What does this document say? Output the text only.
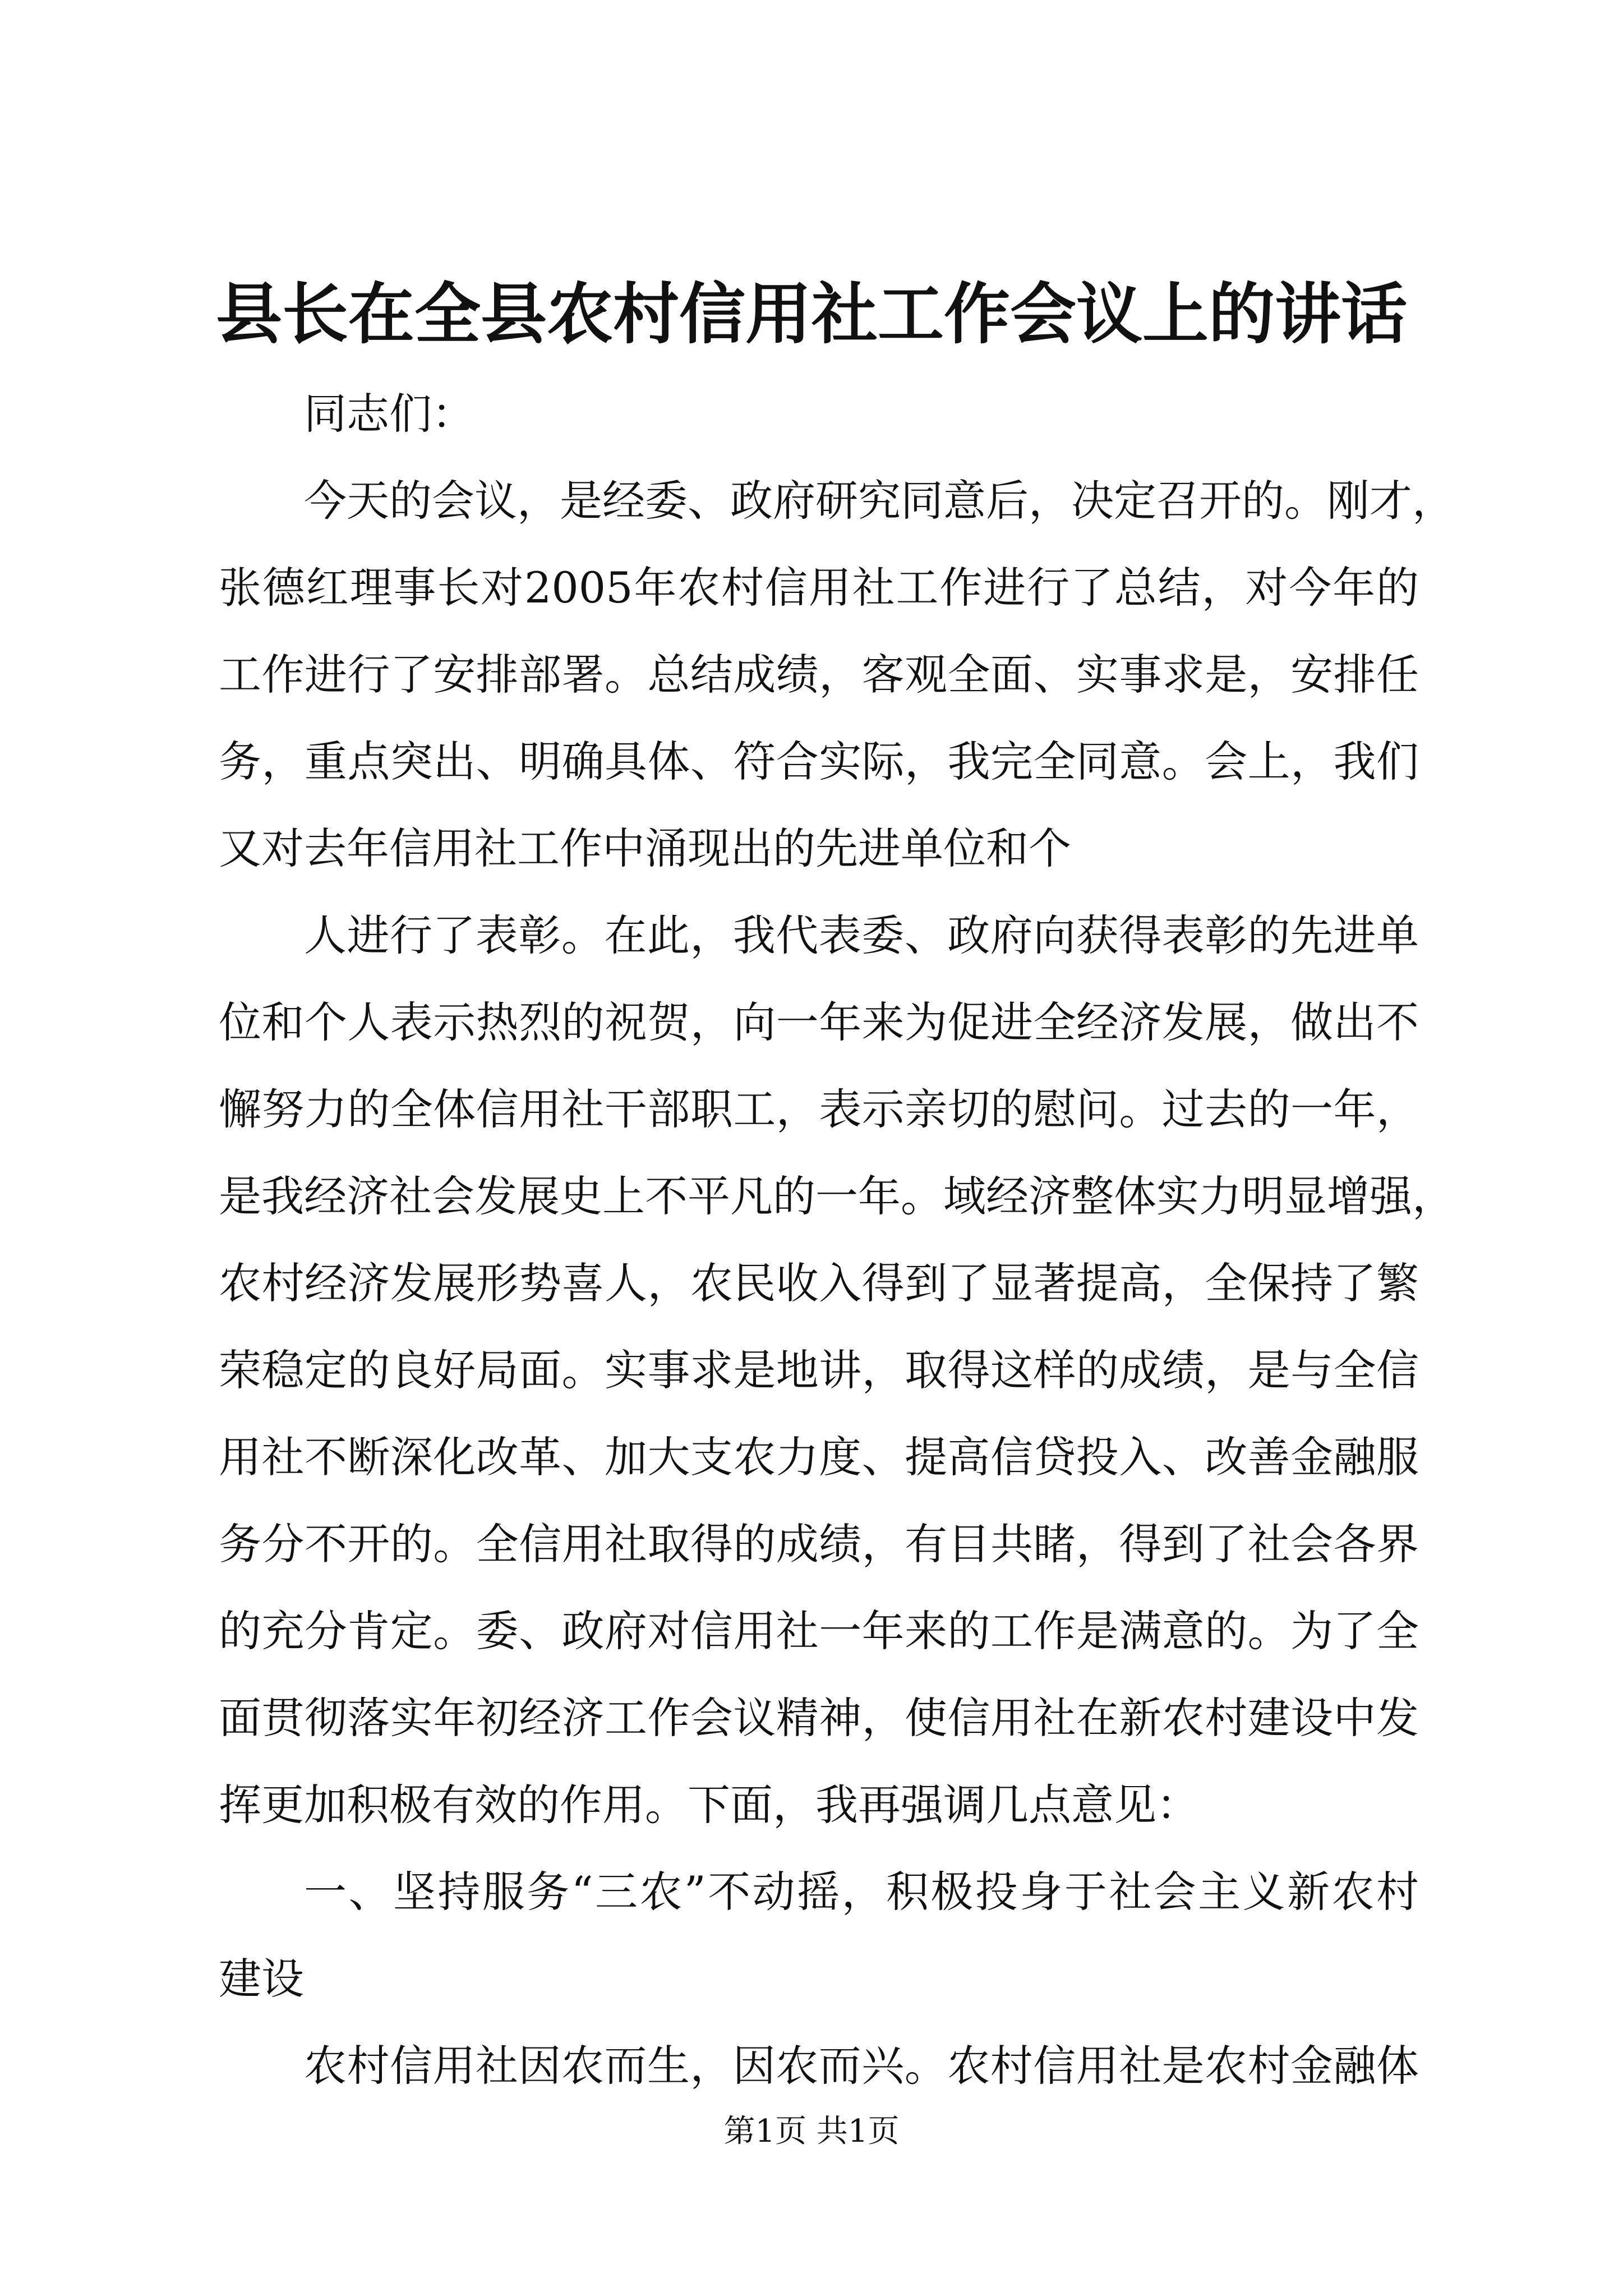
县长在全县农村信用社工作会议上的讲话
同志们：
今天的会议，是经委、政府研究同意后，决定召开的。刚才，
张德红理事长对2005年农村信用社工作进行了总结，对今年的
工作进行了安排部署。总结成绩，客观全面、实事求是，安排任
务，重点突出、明确具体、符合实际，我完全同意。会上，我们
又对去年信用社工作中涌现出的先进单位和个
人进行了表彰。在此，我代表委、政府向获得表彰的先进单
位和个人表示热烈的祝贺，向一年来为促进全经济发展，做出不
懈努力的全体信用社干部职工，表示亲切的慰问。过去的一年，
是我经济社会发展史上不平凡的一年。域经济整体实力明显增强，
农村经济发展形势喜人，农民收入得到了显著提高，全保持了繁
荣稳定的良好局面。实事求是地讲，取得这样的成绩，是与全信
用社不断深化改革、加大支农力度、提高信贷投入、改善金融服
务分不开的。全信用社取得的成绩，有目共睹，得到了社会各界
的充分肯定。委、政府对信用社一年来的工作是满意的。为了全
面贯彻落实年初经济工作会议精神，使信用社在新农村建设中发
挥更加积极有效的作用。下面，我再强调几点意见：
一、坚持服务“三农”不动摇，积极投身于社会主义新农村
建设
农村信用社因农而生，因农而兴。农村信用社是农村金融体
第1页 共1页
